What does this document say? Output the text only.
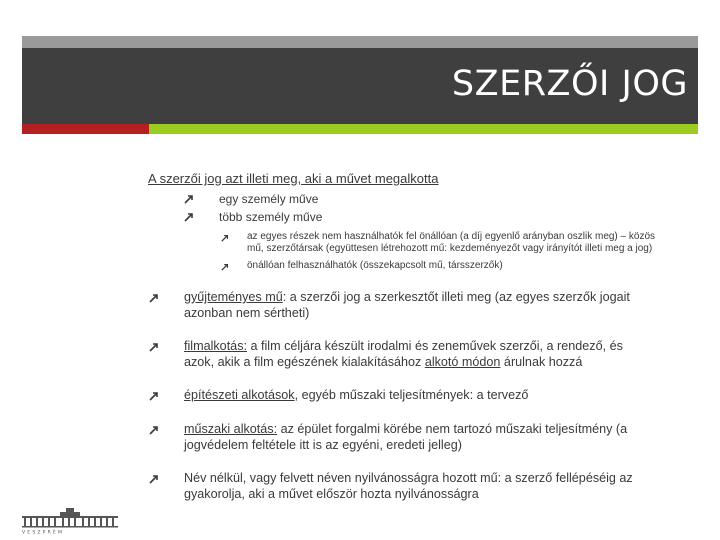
SZERZŐI JOG

A szerzői jog azt illeti meg, aki a művet megalkotta

egy személy műve

több személy műve

az egyes részek nem használhatók fel önállóan (a díj egyenlő arányban oszlik meg) – közös

mű, szerzőtársak (együttesen létrehozott mű: kezdeményezőt vagy irányítót illeti meg a jog)

önállóan felhasználhatók (összekapcsolt mű, társszerzők)

gyűjteményes mű: a szerzői jog a szerkesztőt illeti meg (az egyes szerzők jogait

azonban nem sértheti)

filmalkotás: a film céljára készült irodalmi és zeneművek szerzői, a rendező, és

azok, akik a film egészének kialakításához alkotó módon árulnak hozzá

építészeti alkotások, egyéb műszaki teljesítmények: a tervező

műszaki alkotás: az épület forgalmi körébe nem tartozó műszaki teljesítmény (a

jogvédelem feltétele itt is az egyéni, eredeti jelleg)

Név nélkül, vagy felvett néven nyilvánosságra hozott mű: a szerző fellépéséig az

gyakorolja, aki a művet először hozta nyilvánosságra

VESZPRÉM
